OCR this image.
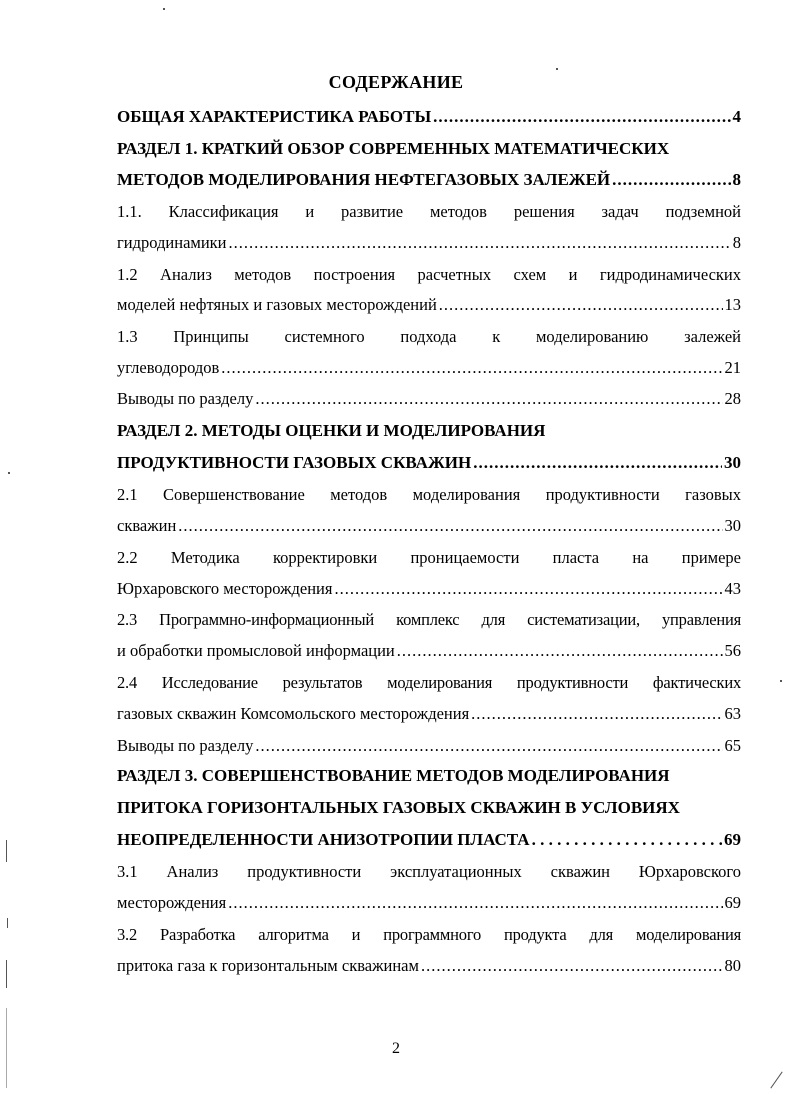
СОДЕРЖАНИЕ
ОБЩАЯ ХАРАКТЕРИСТИКА РАБОТЫ .....	4
РАЗДЕЛ 1. КРАТКИЙ ОБЗОР СОВРЕМЕННЫХ МАТЕМАТИЧЕСКИХ
МЕТОДОВ МОДЕЛИРОВАНИЯ НЕФТЕГАЗОВЫХ ЗАЛЕЖЕЙ .....	8
1.1. Классификация и развитие методов решения задач подземной
гидродинамики .....	8
1.2 Анализ методов построения расчетных схем и гидродинамических
моделей нефтяных и газовых месторождений .....	13
1.3 Принципы системного подхода к моделированию залежей
углеводородов .....	21
Выводы по разделу .....	28
РАЗДЕЛ 2. МЕТОДЫ ОЦЕНКИ И МОДЕЛИРОВАНИЯ
ПРОДУКТИВНОСТИ ГАЗОВЫХ СКВАЖИН .....	30
2.1 Совершенствование методов моделирования продуктивности газовых
скважин .....	30
2.2 Методика корректировки проницаемости пласта на примере
Юрхаровского месторождения .....	43
2.3 Программно-информационный комплекс для систематизации, управления
и обработки промысловой информации .....	56
2.4 Исследование результатов моделирования продуктивности фактических
газовых скважин Комсомольского месторождения .....	63
Выводы по разделу .....	65
РАЗДЕЛ 3. СОВЕРШЕНСТВОВАНИЕ МЕТОДОВ МОДЕЛИРОВАНИЯ
ПРИТОКА ГОРИЗОНТАЛЬНЫХ ГАЗОВЫХ СКВАЖИН В УСЛОВИЯХ
НЕОПРЕДЕЛЕННОСТИ АНИЗОТРОПИИ ПЛАСТА . . .	69
3.1 Анализ продуктивности эксплуатационных скважин Юрхаровского
месторождения .....	69
3.2 Разработка алгоритма и программного продукта для моделирования
притока газа к горизонтальным скважинам .....	80
2
